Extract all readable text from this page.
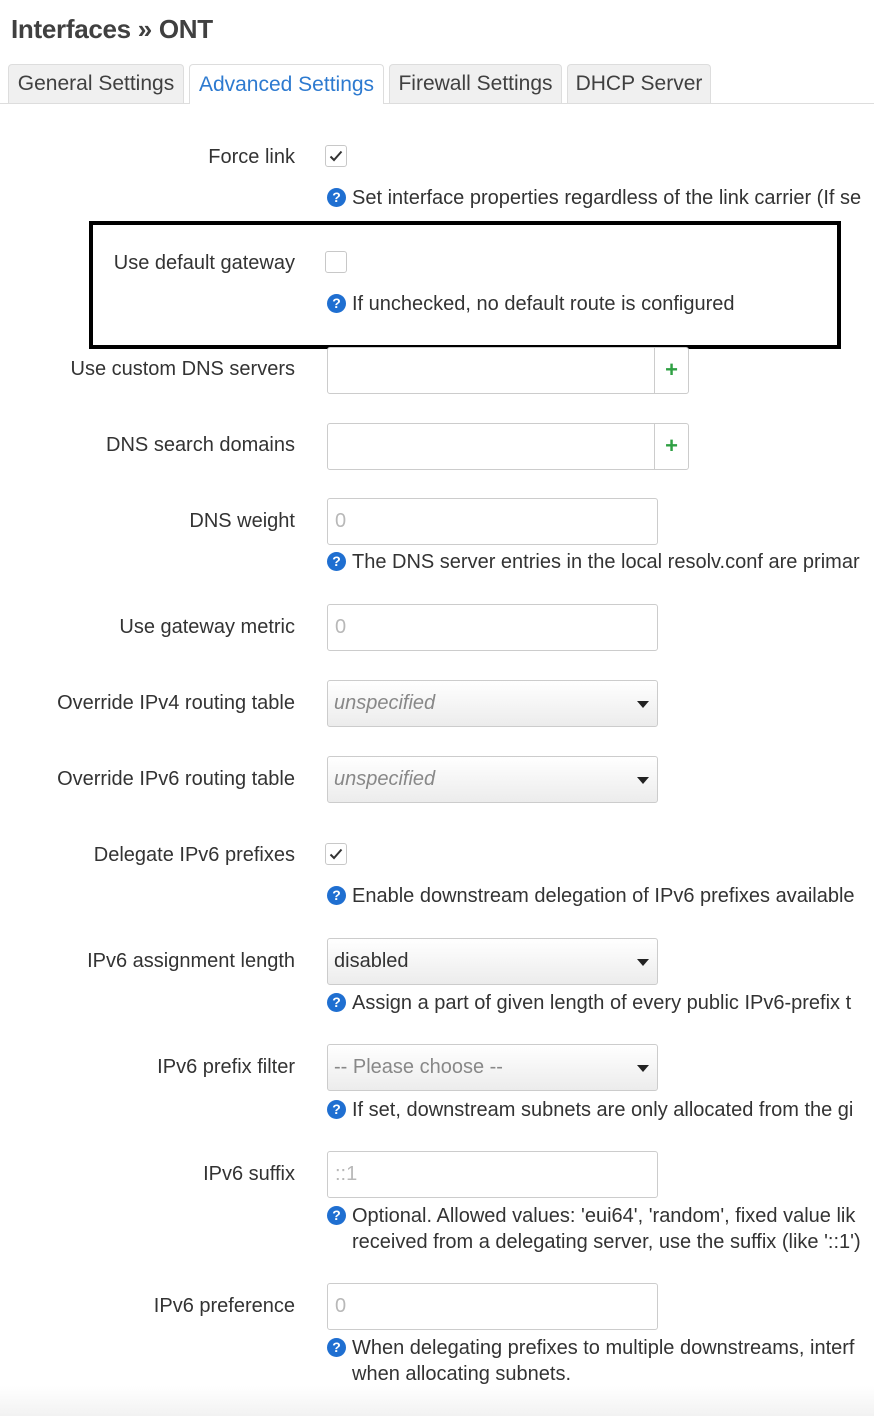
Interfaces » ONT
General Settings	Advanced Settings	Firewall Settings	DHCP Server
Force link
? Set interface properties regardless of the link carrier (If se
Use default gateway
? If unchecked, no default route is configured
Use custom DNS servers	+
DNS search domains	+
DNS weight	0
? The DNS server entries in the local resolv.conf are primar
Use gateway metric	0
Override IPv4 routing table	unspecified
Override IPv6 routing table	unspecified
Delegate IPv6 prefixes
? Enable downstream delegation of IPv6 prefixes available
IPv6 assignment length	disabled
? Assign a part of given length of every public IPv6-prefix t
IPv6 prefix filter	-- Please choose --
? If set, downstream subnets are only allocated from the gi
IPv6 suffix	::1
? Optional. Allowed values: 'eui64', 'random', fixed value lik
received from a delegating server, use the suffix (like '::1')
IPv6 preference	0
? When delegating prefixes to multiple downstreams, interf
when allocating subnets.
